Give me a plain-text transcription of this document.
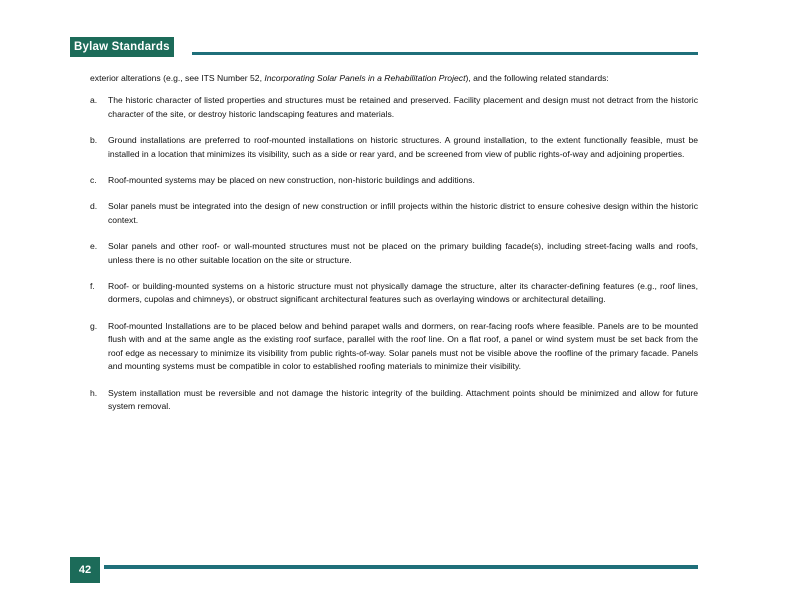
Bylaw Standards

exterior alterations (e.g., see ITS Number 52, Incorporating Solar Panels in a Rehabilitation Project), and the following related standards:

a.	The historic character of listed properties and structures must be retained and preserved. Facility placement and design must not detract from the historic character of the site, or destroy historic landscaping features and materials.
b.	Ground installations are preferred to roof-mounted installations on historic structures. A ground installation, to the extent functionally feasible, must be installed in a location that minimizes its visibility, such as a side or rear yard, and be screened from view of public rights-of-way and adjoining properties.
c.	Roof-mounted systems may be placed on new construction, non-historic buildings and additions.
d.	Solar panels must be integrated into the design of new construction or infill projects within the historic district to ensure cohesive design within the historic context.
e.	Solar panels and other roof- or wall-mounted structures must not be placed on the primary building facade(s), including street-facing walls and roofs, unless there is no other suitable location on the site or structure.
f.	Roof- or building-mounted systems on a historic structure must not physically damage the structure, alter its character-defining features (e.g., roof lines, dormers, cupolas and chimneys), or obstruct significant architectural features such as overlaying windows or architectural detailing.
g.	Roof-mounted Installations are to be placed below and behind parapet walls and dormers, on rear-facing roofs where feasible. Panels are to be mounted flush with and at the same angle as the existing roof surface, parallel with the roof line. On a flat roof, a panel or wind system must be set back from the roof edge as necessary to minimize its visibility from public rights-of-way. Solar panels must not be visible above the roofline of the primary facade. Panels and mounting systems must be compatible in color to established roofing materials to minimize their visibility.
h.	System installation must be reversible and not damage the historic integrity of the building. Attachment points should be minimized and allow for future system removal.
42
